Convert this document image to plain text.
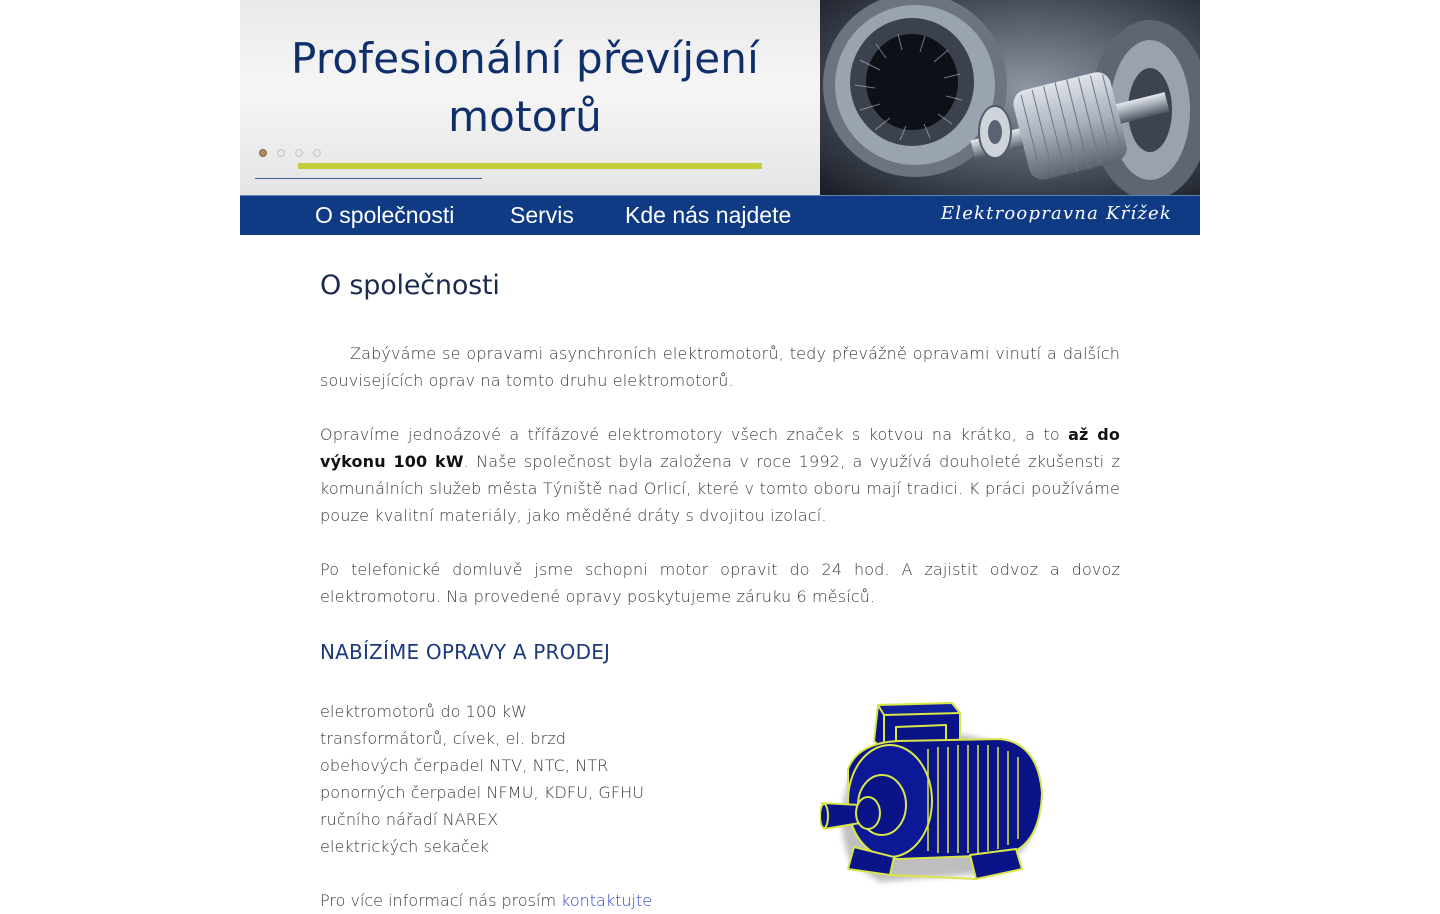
Profesionální převíjení
motorů
O společnosti Servis Kde nás najdete	Elektroopravna Křížek
O společnosti

Zabýváme se opravami asynchroních elektromotorů, tedy převážně opravami vinutí a dalších souvisejících oprav na tomto druhu elektromotorů.

Opravíme jednoázové a třífázové elektromotory všech značek s kotvou na krátko, a to až do výkonu 100 kW. Naše společnost byla založena v roce 1992, a využívá douholeté zkušensti z komunálních služeb města Týniště nad Orlicí, které v tomto oboru mají tradici. K práci používáme pouze kvalitní materiály, jako měděné dráty s dvojitou izolací.

Po telefonické domluvě jsme schopni motor opravit do 24 hod. A zajistit odvoz a dovoz elektromotoru. Na provedené opravy poskytujeme záruku 6 měsíců.

NABÍZÍME OPRAVY A PRODEJ
elektromotorů do 100 kW
transformátorů, cívek, el. brzd
obehových čerpadel NTV, NTC, NTR
ponorných čerpadel NFMU, KDFU, GFHU
ručního nářadí NAREX
elektrických sekaček

Pro více informací nás prosím kontaktujte
